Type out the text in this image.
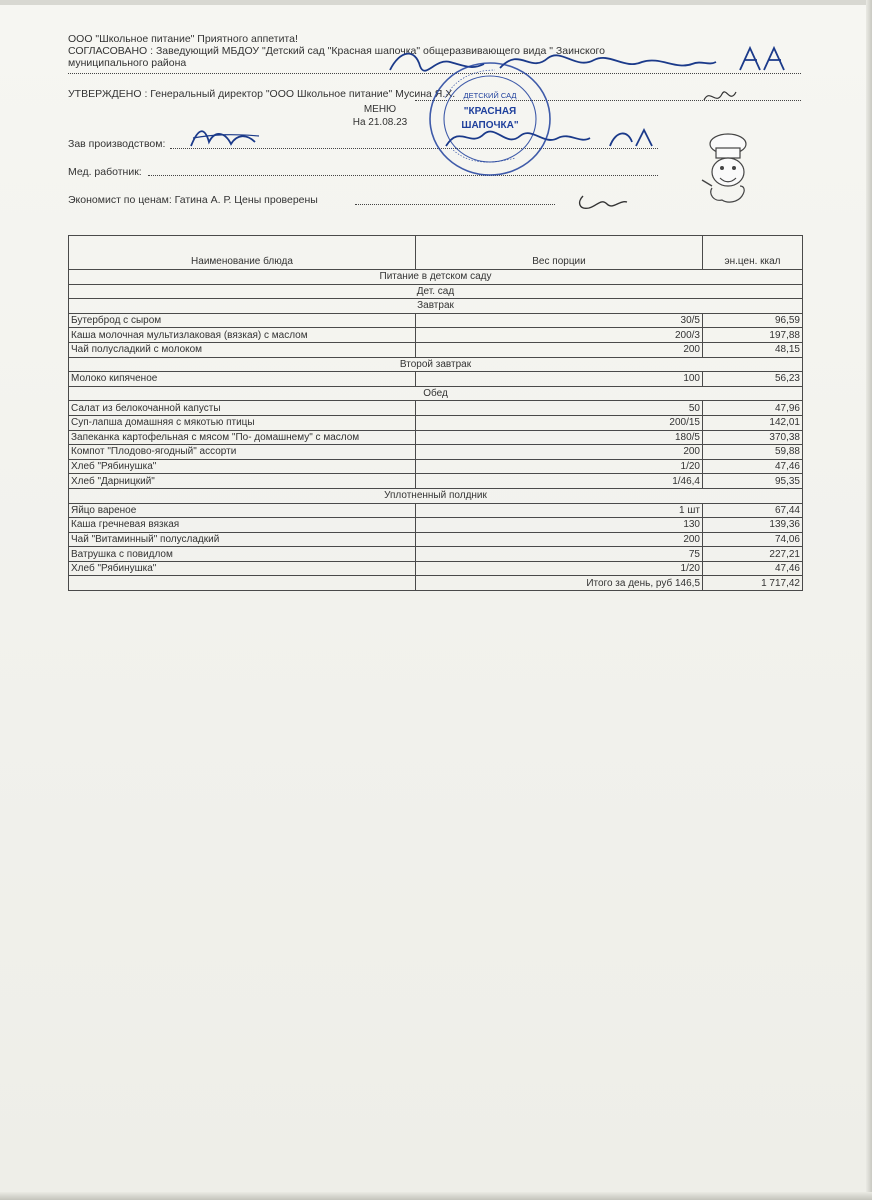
ООО "Школьное питание" Приятного аппетита!
СОГЛАСОВАНО : Заведующий МБДОУ "Детский сад "Красная шапочка" общеразвивающего вида " Заинского
муниципального района
УТВЕРЖДЕНО : Генеральный директор "ООО Школьное питание" Мусина Я.Х.
МЕНЮ
На 21.08.23
Зав производством:
Мед. работник:
Экономист по ценам: Гатина А. Р. Цены проверены
ДЕТСКИЙ САД
"КРАСНАЯ
ШАПОЧКА"
Наименование блюда	Вес порции	эн.цен. ккал
Питание в детском саду		
Дет. сад		
Завтрак		
Бутерброд с сыром	30/5	96,59
Каша молочная мультизлаковая (вязкая) с маслом	200/3	197,88
Чай полусладкий с молоком	200	48,15
Второй завтрак		
Молоко кипяченое	100	56,23
Обед		
Салат из белокочанной капусты	50	47,96
Суп-лапша домашняя с мякотью птицы	200/15	142,01
Запеканка картофельная с мясом "По- домашнему" с маслом	180/5	370,38
Компот "Плодово-ягодный" ассорти	200	59,88
Хлеб "Рябинушка"	1/20	47,46
Хлеб "Дарницкий"	1/46,4	95,35
Уплотненный полдник		
Яйцо вареное	1 шт	67,44
Каша гречневая вязкая	130	139,36
Чай "Витаминный" полусладкий	200	74,06
Ватрушка с повидлом	75	227,21
Хлеб "Рябинушка"	1/20	47,46
	Итого за день, руб 146,5	1 717,42
